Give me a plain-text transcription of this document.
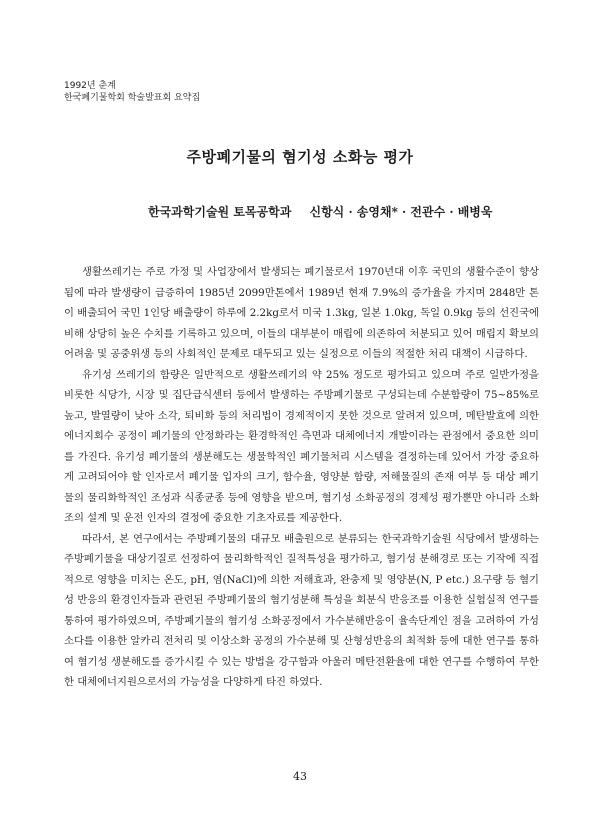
1992년 춘계
한국폐기물학회 학술발표회 요약집
주방폐기물의 혐기성 소화능 평가
한국과학기술원 토목공학과 신항식 · 송영채* · 전관수 · 배병욱

생활쓰레기는 주로 가정 및 사업장에서 발생되는 폐기물로서 1970년대 이후 국민의 생활수준이 향상됨에 따라 발생량이 급증하여 1985년 2099만톤에서 1989년 현재 7.9%의 증가율을 가지며 2848만 톤이 배출되어 국민 1인당 배출량이 하루에 2.2kg로서 미국 1.3kg, 일본 1.0kg, 독일 0.9kg 등의 선진국에 비해 상당히 높은 수치를 기록하고 있으며, 이들의 대부분이 매립에 의존하여 처분되고 있어 매립지 확보의 어려움 및 공중위생 등의 사회적인 문제로 대두되고 있는 실정으로 이들의 적절한 처리 대책이 시급하다.

유기성 쓰레기의 함량은 일반적으로 생활쓰레기의 약 25% 정도로 평가되고 있으며 주로 일반가정을 비롯한 식당가, 시장 및 집단급식센터 등에서 발생하는 주방폐기물로 구성되는데 수분함량이 75~85%로 높고, 발열량이 낮아 소각, 퇴비화 등의 처리법이 경제적이지 못한 것으로 알려져 있으며, 메탄발효에 의한 에너지회수 공정이 폐기물의 안정화라는 환경학적인 측면과 대체에너지 개발이라는 관점에서 중요한 의미를 가진다. 유기성 폐기물의 생분해도는 생물학적인 폐기물처리 시스템을 결정하는데 있어서 가장 중요하게 고려되어야 할 인자로서 폐기물 입자의 크기, 함수율, 영양분 함량, 저해물질의 존재 여부 등 대상 폐기물의 물리화학적인 조성과 식종균종 등에 영향을 받으며, 혐기성 소화공정의 경제성 평가뿐만 아니라 소화조의 설계 및 운전 인자의 결정에 중요한 기초자료를 제공한다.

따라서, 본 연구에서는 주방폐기물의 대규모 배출원으로 분류되는 한국과학기술원 식당에서 발생하는 주방폐기물을 대상기질로 선정하여 물리화학적인 질적특성을 평가하고, 혐기성 분해경로 또는 기작에 직접적으로 영향을 미치는 온도, pH, 염(NaCl)에 의한 저해효과, 완충제 및 영양분(N, P etc.) 요구량 등 혐기성 반응의 환경인자들과 관련된 주방폐기물의 혐기성분해 특성을 회분식 반응조를 이용한 실험실적 연구를 통하여 평가하였으며, 주방폐기물의 혐기성 소화공정에서 가수분해반응이 율속단계인 점을 고려하여 가성소다를 이용한 알카리 전처리 및 이상소화 공정의 가수분해 및 산형성반응의 최적화 등에 대한 연구를 통하여 혐기성 생분해도를 증가시킬 수 있는 방법을 강구함과 아울러 메탄전환율에 대한 연구를 수행하여 무한한 대체에너지원으로서의 가능성을 다양하게 타진 하였다.

43
